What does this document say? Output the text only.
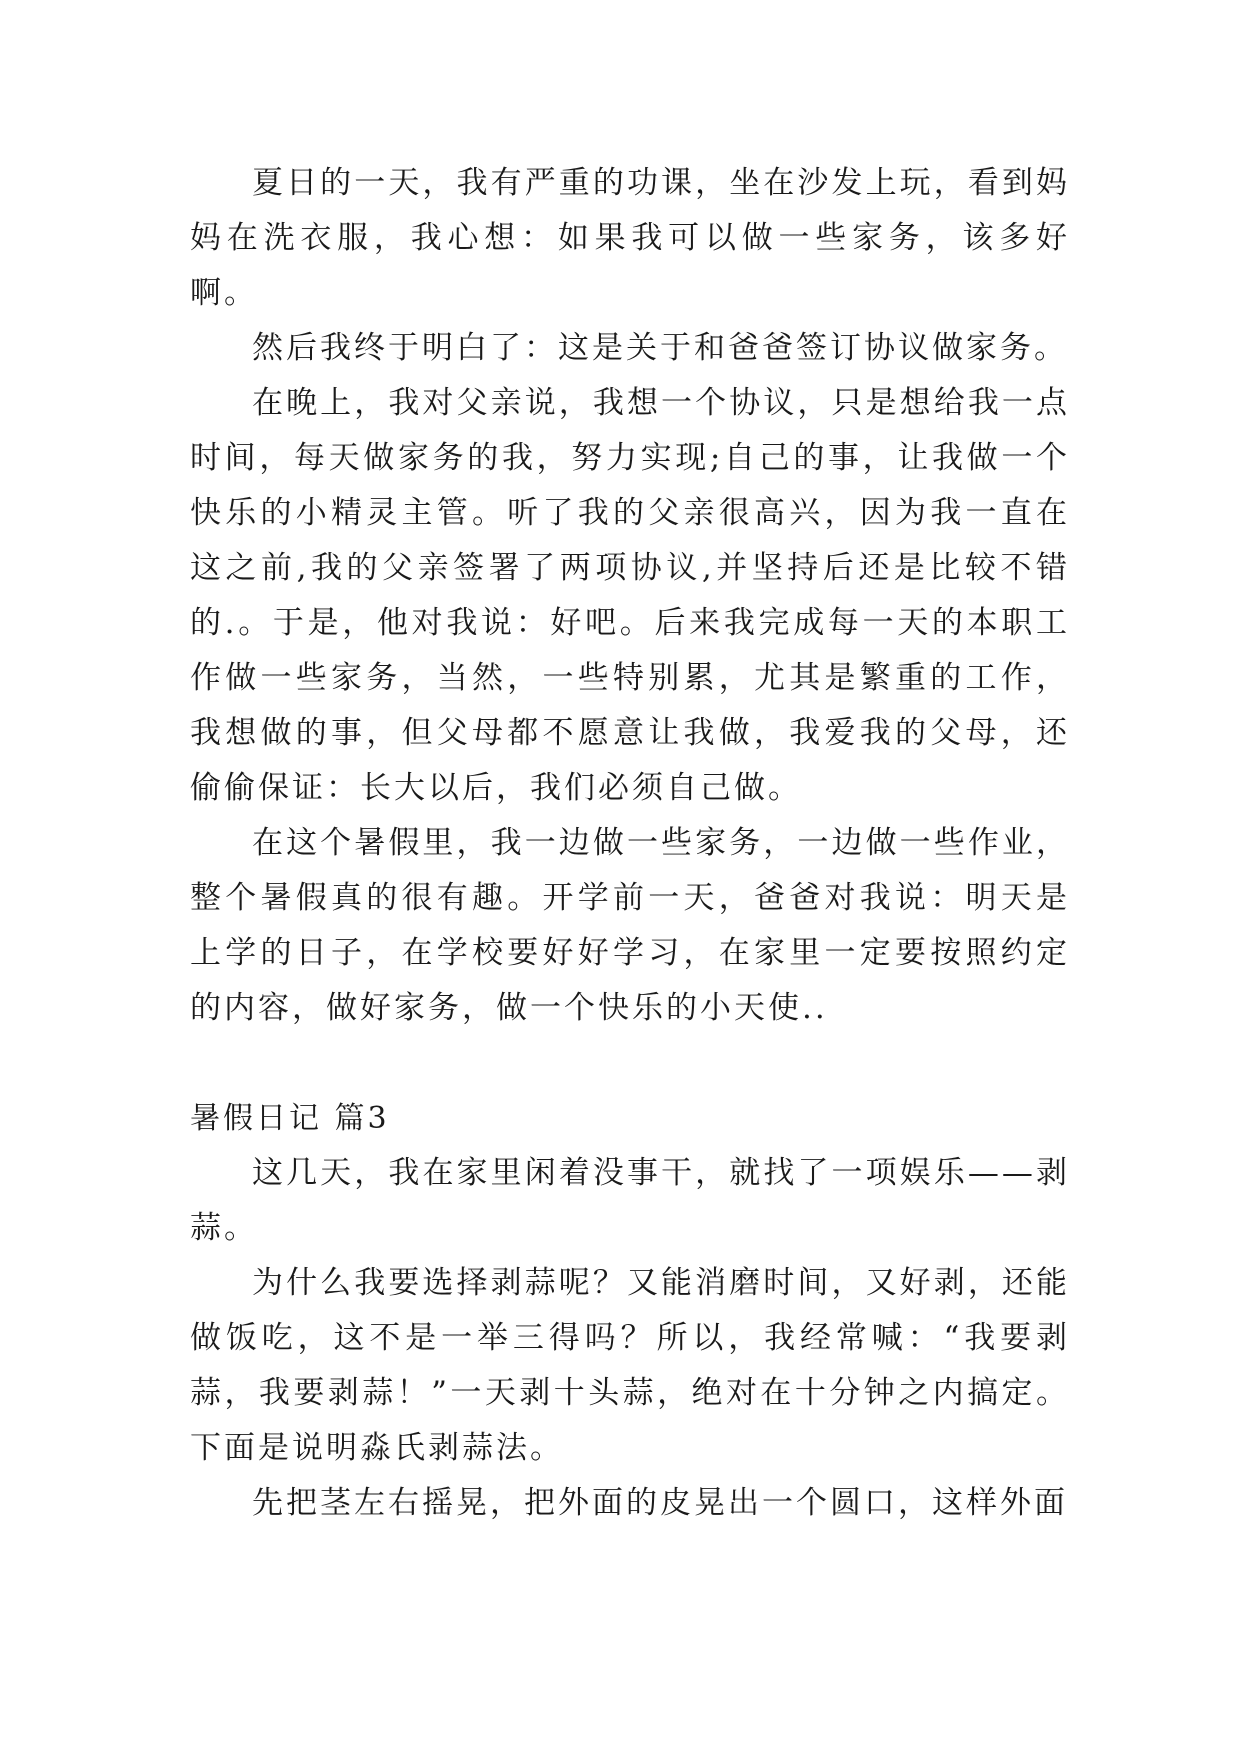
夏日的一天，我有严重的功课，坐在沙发上玩，看到妈妈在洗衣服，我心想：如果我可以做一些家务，该多好啊。

然后我终于明白了：这是关于和爸爸签订协议做家务。

在晚上，我对父亲说，我想一个协议，只是想给我一点时间，每天做家务的我，努力实现;自己的事，让我做一个快乐的小精灵主管。听了我的父亲很高兴，因为我一直在这之前,我的父亲签署了两项协议,并坚持后还是比较不错的.。于是，他对我说：好吧。后来我完成每一天的本职工作做一些家务，当然，一些特别累，尤其是繁重的工作，我想做的事，但父母都不愿意让我做，我爱我的父母，还偷偷保证：长大以后，我们必须自己做。

在这个暑假里，我一边做一些家务，一边做一些作业，整个暑假真的很有趣。开学前一天，爸爸对我说：明天是上学的日子，在学校要好好学习，在家里一定要按照约定的内容，做好家务，做一个快乐的小天使..

暑假日记 篇3

这几天，我在家里闲着没事干，就找了一项娱乐——剥蒜。

为什么我要选择剥蒜呢？又能消磨时间，又好剥，还能做饭吃，这不是一举三得吗？所以，我经常喊：“我要剥蒜，我要剥蒜！”一天剥十头蒜，绝对在十分钟之内搞定。下面是说明淼氏剥蒜法。

先把茎左右摇晃，把外面的皮晃出一个圆口，这样外面
